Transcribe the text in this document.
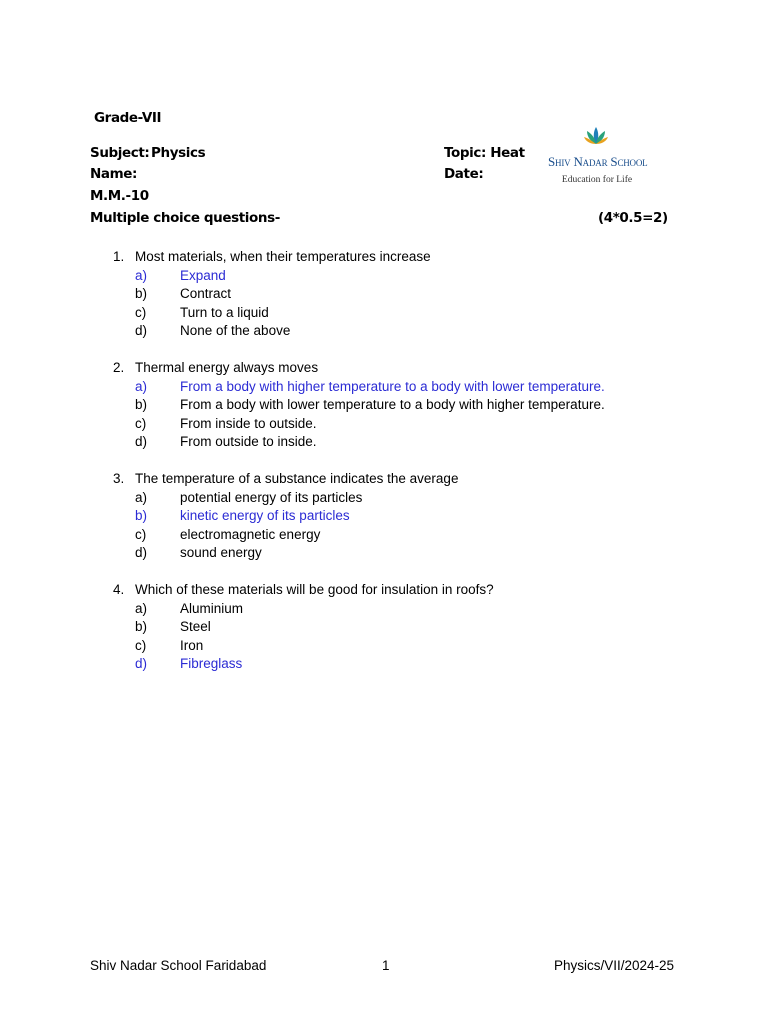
Grade-VII
Subject: Physics
Name:
M.M.-10
Multiple choice questions-
Topic: Heat
Date:
(4*0.5=2)
Shiv Nadar School
Education for Life
1. Most materials, when their temperatures increase
a) Expand
b) Contract
c)	Turn to a liquid
d) None of the above
2. Thermal energy always moves
a) From a body with higher temperature to a body with lower temperature.
b) From a body with lower temperature to a body with higher temperature.
c)	From inside to outside.
d) From outside to inside.
3. The temperature of a substance indicates the average
a) potential energy of its particles
b) kinetic energy of its particles
c)	electromagnetic energy
d) sound energy
4. Which of these materials will be good for insulation in roofs?
a) Aluminium
b) Steel
c)	Iron
d) Fibreglass
Shiv Nadar School Faridabad	1	Physics/VII/2024-25
